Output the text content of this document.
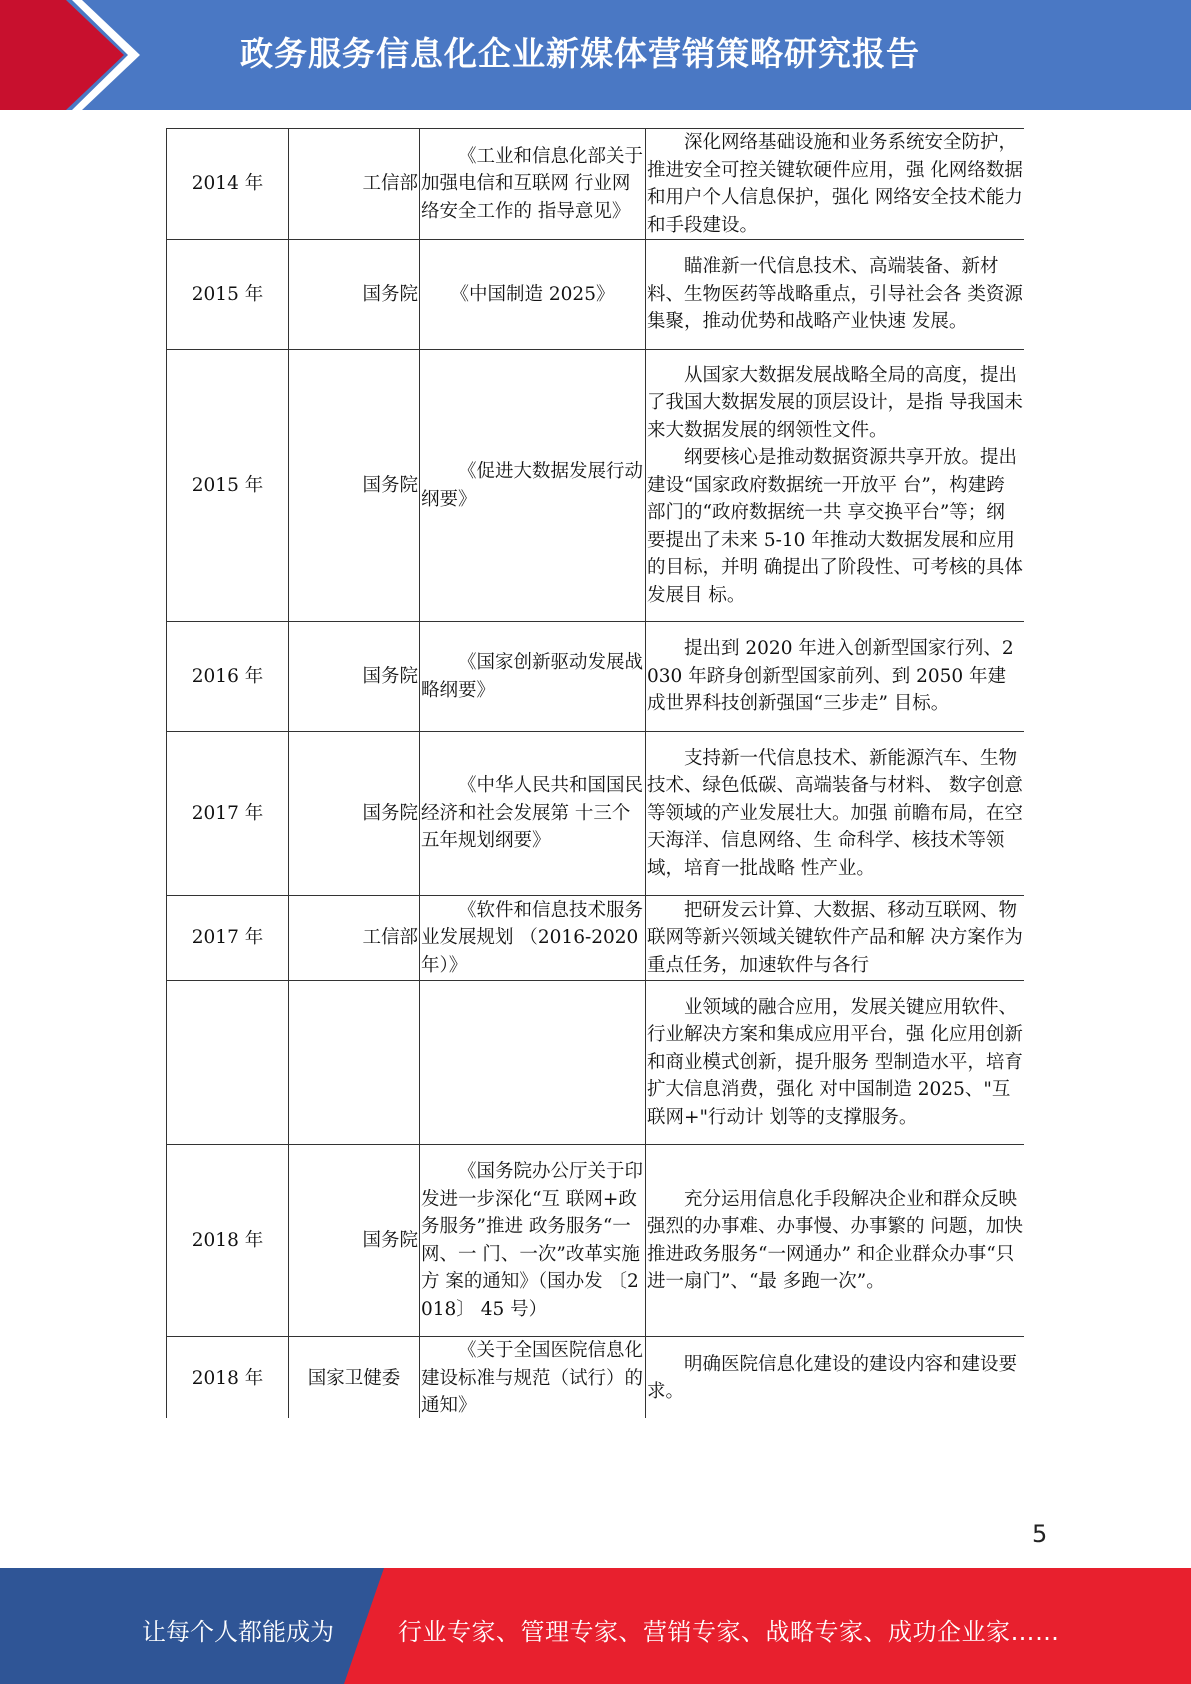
政务服务信息化企业新媒体营销策略研究报告
2014 年	工信部	《工业和信息化部关于加强电信和互联网 行业网络安全工作的 指导意见》	深化网络基础设施和业务系统安全防护，推进安全可控关键软硬件应用，强 化网络数据和用户个人信息保护，强化 网络安全技术能力和手段建设。

2015 年	国务院	《中国制造 2025》	瞄准新一代信息技术、高端装备、新材料、生物医药等战略重点，引导社会各 类资源集聚，推动优势和战略产业快速 发展。

2015 年	国务院	《促进大数据发展行动纲要》	从国家大数据发展战略全局的高度，提出了我国大数据发展的顶层设计，是指 导我国未来大数据发展的纲领性文件。

纲要核心是推动数据资源共享开放。提出建设“国家政府数据统一开放平 台”，构建跨部门的“政府数据统一共 享交换平台”等；纲要提出了未来 5-10 年推动大数据发展和应用的目标，并明 确提出了阶段性、可考核的具体发展目 标。

2016 年	国务院	《国家创新驱动发展战略纲要》	提出到 2020 年进入创新型国家行列、2030 年跻身创新型国家前列、到 2050 年建成世界科技创新强国“三步走” 目标。

2017 年	国务院	《中华人民共和国国民经济和社会发展第 十三个五年规划纲要》	支持新一代信息技术、新能源汽车、生物技术、绿色低碳、高端装备与材料、 数字创意等领域的产业发展壮大。加强 前瞻布局，在空天海洋、信息网络、生 命科学、核技术等领域，培育一批战略 性产业。

2017 年	工信部	《软件和信息技术服务业发展规划 （2016-2020 年）》	把研发云计算、大数据、移动互联网、物联网等新兴领域关键软件产品和解 决方案作为重点任务，加速软件与各行

			业领域的融合应用，发展关键应用软件、行业解决方案和集成应用平台，强 化应用创新和商业模式创新，提升服务 型制造水平，培育扩大信息消费，强化 对中国制造 2025、"互联网+"行动计 划等的支撑服务。

2018 年	国务院	《国务院办公厅关于印发进一步深化“互 联网+政务服务”推进 政务服务“一网、一 门、一次”改革实施方 案的通知》（国办发 〔2018〕 45 号）	充分运用信息化手段解决企业和群众反映强烈的办事难、办事慢、办事繁的 问题，加快推进政务服务“一网通办” 和企业群众办事“只进一扇门”、“最 多跑一次”。

2018 年	国家卫健委	《关于全国医院信息化建设标准与规范（试行）的通知》	明确医院信息化建设的建设内容和建设要求。

5
让每个人都能成为	行业专家、管理专家、营销专家、战略专家、成功企业家……
